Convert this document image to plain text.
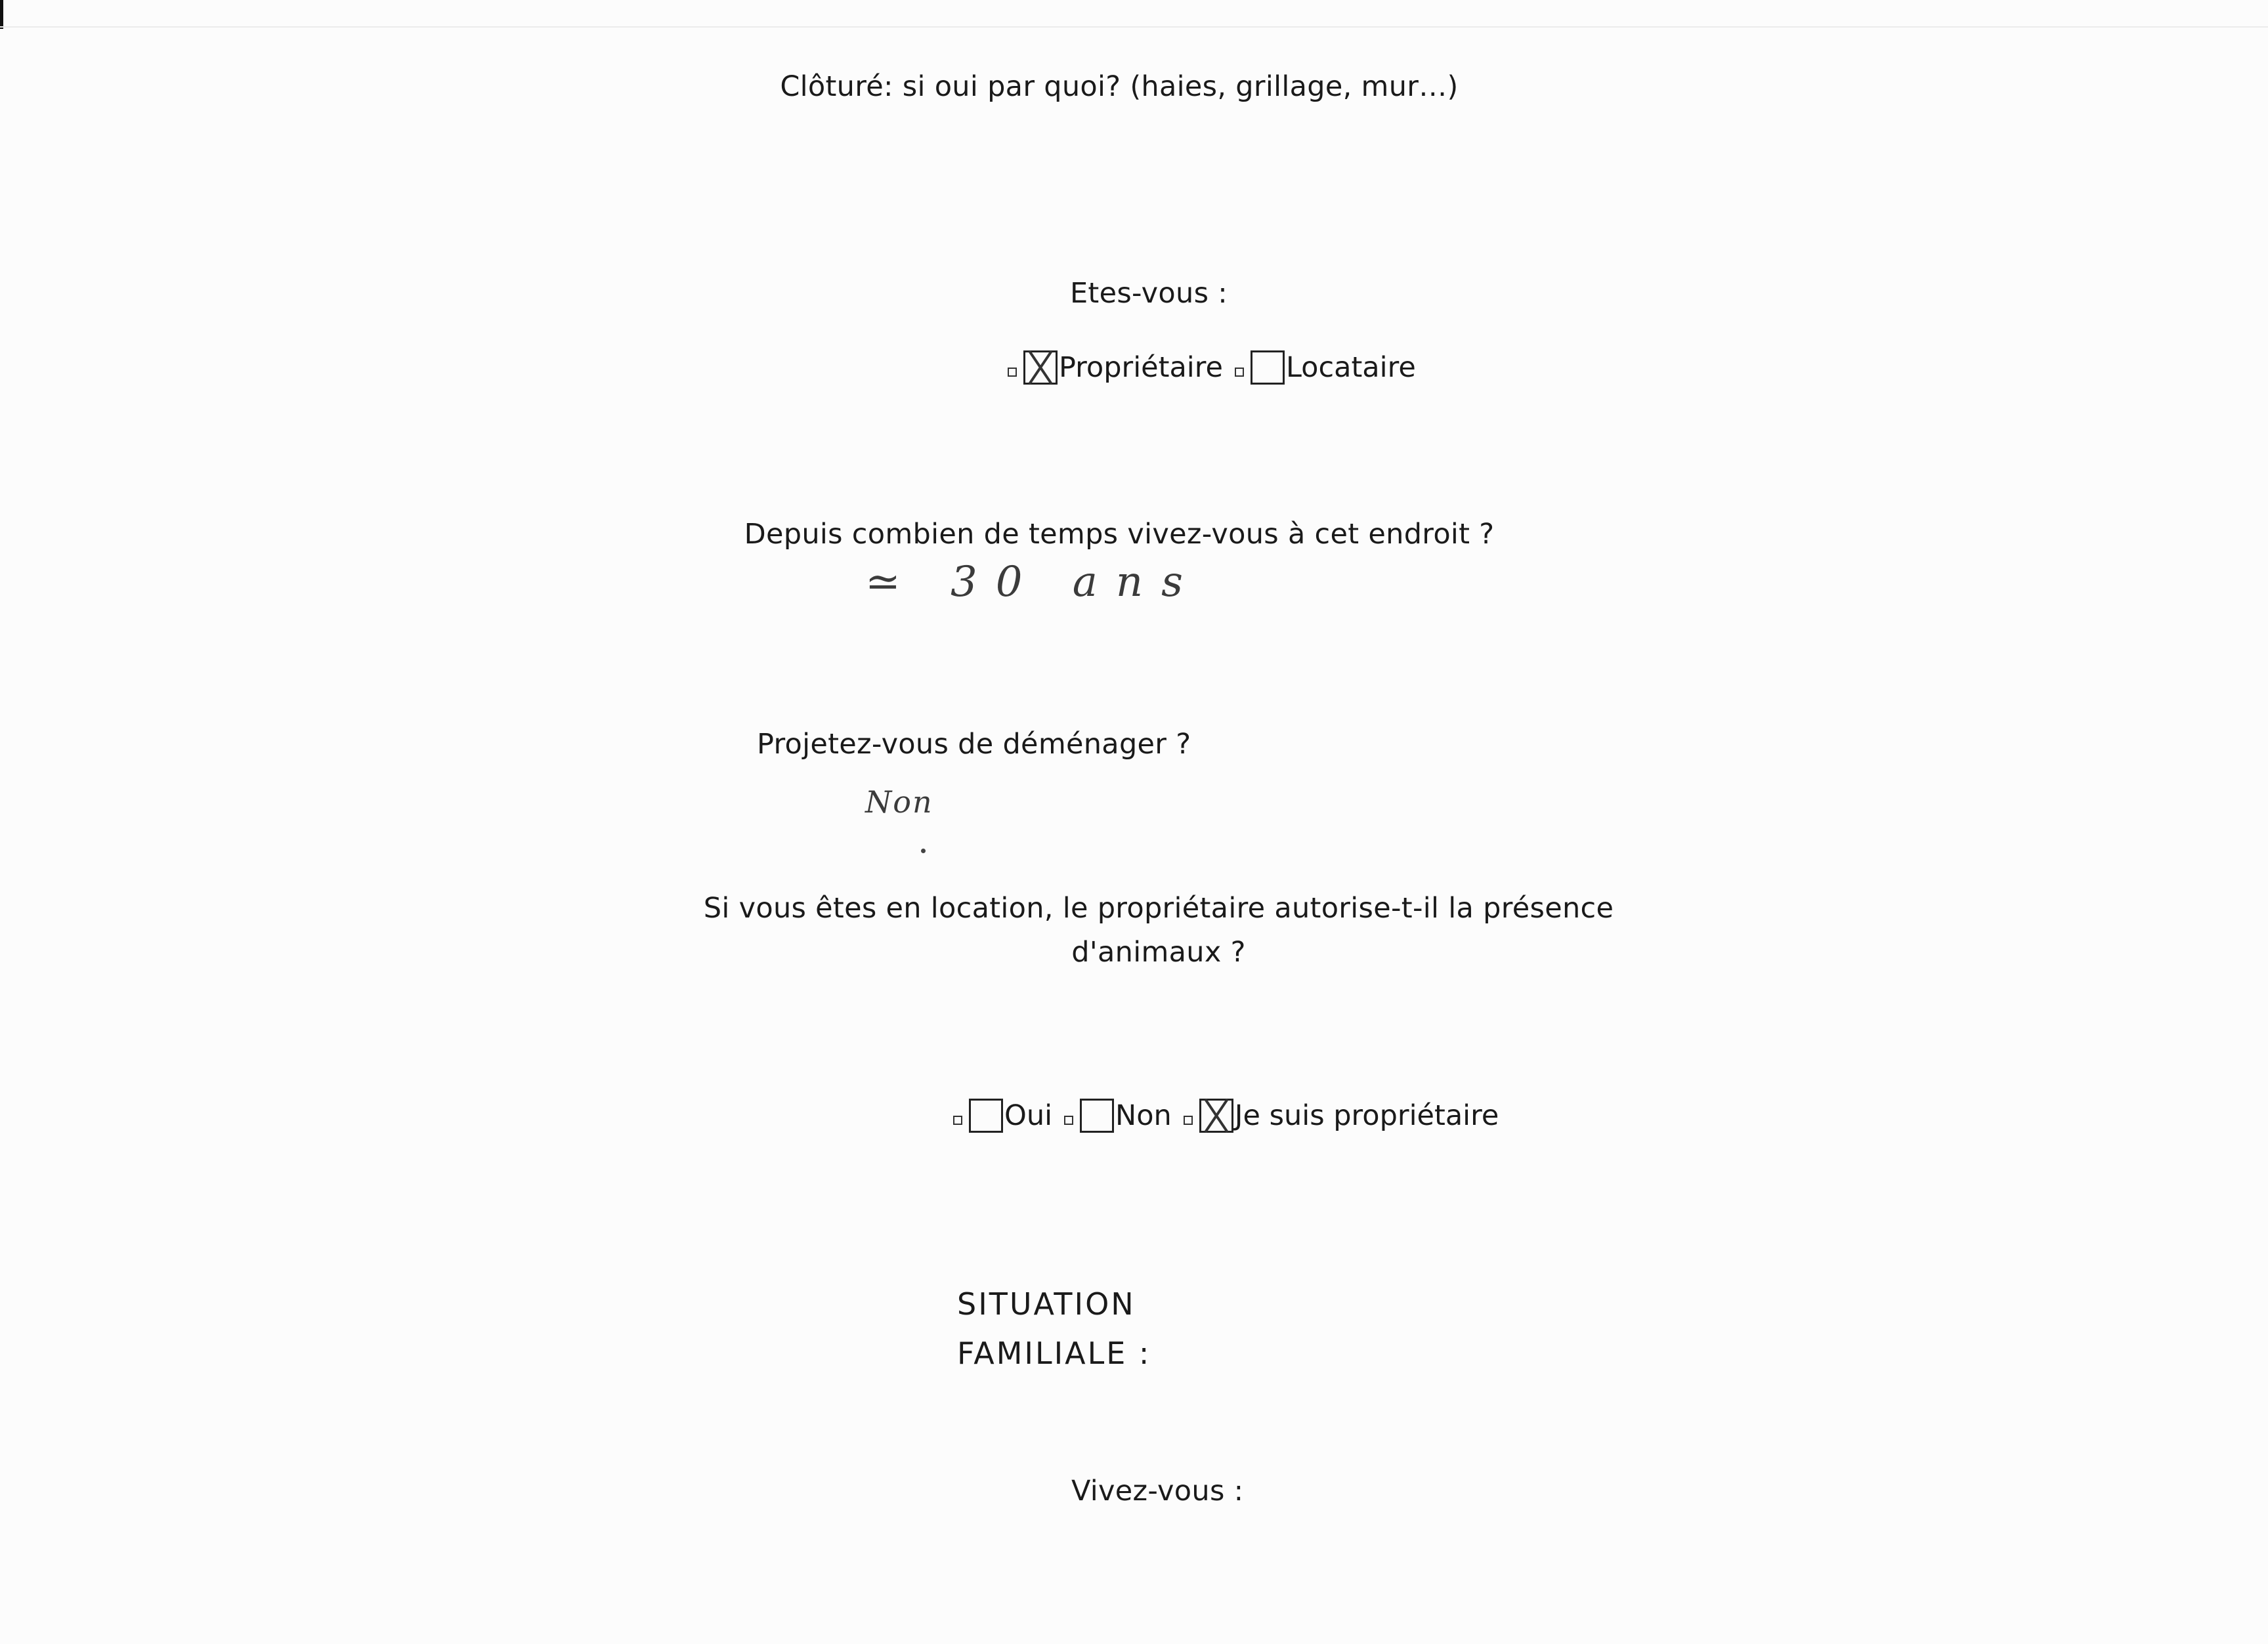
Clôturé: si oui par quoi? (haies, grillage, mur…)
Etes-vous :
Propriétaire Locataire
Depuis combien de temps vivez-vous à cet endroit ?
≃ 30 ans
Projetez-vous de déménager ?
Non
Si vous êtes en location, le propriétaire autorise-t-il la présence
d'animaux ?
Oui Non Je suis propriétaire
SITUATION
FAMILIALE :
Vivez-vous :
